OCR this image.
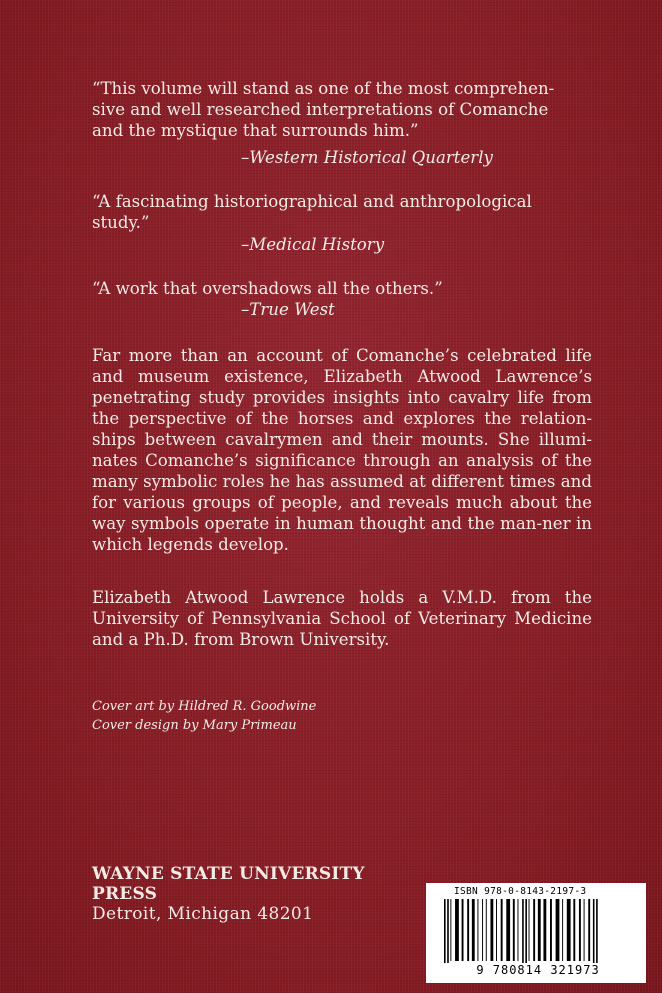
“This volume will stand as one of the most comprehen-

sive and well researched interpretations of Comanche

and the mystique that surrounds him.”

–Western Historical Quarterly

“A fascinating historiographical and anthropological

study.”

–Medical History

“A work that overshadows all the others.”

–True West

Far more than an account of Comanche’s celebrated life and museum existence, Elizabeth Atwood Lawrence’s penetrating study provides insights into cavalry life from the perspective of the horses and explores the relation-ships between cavalrymen and their mounts. She illumi-nates Comanche’s significance through an analysis of the many symbolic roles he has assumed at different times and for various groups of people, and reveals much about the way symbols operate in human thought and the man-ner in which legends develop.

Elizabeth Atwood Lawrence holds a V.M.D. from the University of Pennsylvania School of Veterinary Medicine and a Ph.D. from Brown University.

Cover art by Hildred R. Goodwine
Cover design by Mary Primeau
WAYNE STATE UNIVERSITY PRESS
Detroit, Michigan 48201
ISBN 978-0-8143-2197-3
9 780814 321973
